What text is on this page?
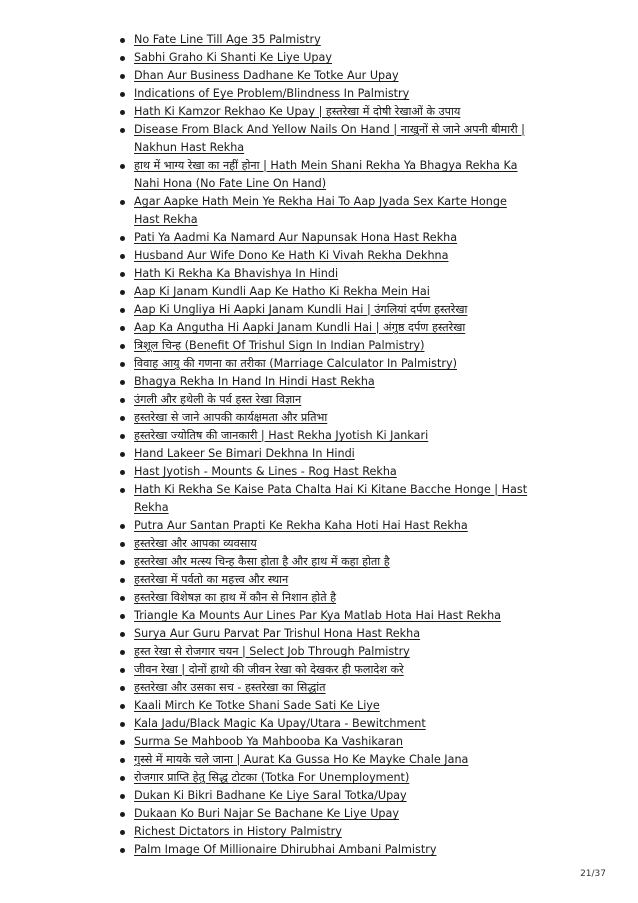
No Fate Line Till Age 35 Palmistry
Sabhi Graho Ki Shanti Ke Liye Upay
Dhan Aur Business Dadhane Ke Totke Aur Upay
Indications of Eye Problem/Blindness In Palmistry
Hath Ki Kamzor Rekhao Ke Upay | हस्तरेखा में दोषी रेखाओं के उपाय
Disease From Black And Yellow Nails On Hand | नाखुनों से जाने अपनी बीमारी | Nakhun Hast Rekha
हाथ में भाग्य रेखा का नहीं होना | Hath Mein Shani Rekha Ya Bhagya Rekha Ka Nahi Hona (No Fate Line On Hand)
Agar Aapke Hath Mein Ye Rekha Hai To Aap Jyada Sex Karte Honge Hast Rekha
Pati Ya Aadmi Ka Namard Aur Napunsak Hona Hast Rekha
Husband Aur Wife Dono Ke Hath Ki Vivah Rekha Dekhna
Hath Ki Rekha Ka Bhavishya In Hindi
Aap Ki Janam Kundli Aap Ke Hatho Ki Rekha Mein Hai
Aap Ki Ungliya Hi Aapki Janam Kundli Hai | उंगलियां दर्पण हस्तरेखा
Aap Ka Angutha Hi Aapki Janam Kundli Hai | अंगुष्ठ दर्पण हस्तरेखा
त्रिशूल चिन्ह (Benefit Of Trishul Sign In Indian Palmistry)
विवाह आयु की गणना का तरीका (Marriage Calculator In Palmistry)
Bhagya Rekha In Hand In Hindi Hast Rekha
उंगली और हथेली के पर्व हस्त रेखा विज्ञान
हस्तरेखा से जाने आपकी कार्यक्षमता और प्रतिभा
हस्तरेखा ज्योतिष की जानकारी | Hast Rekha Jyotish Ki Jankari
Hand Lakeer Se Bimari Dekhna In Hindi
Hast Jyotish - Mounts & Lines - Rog Hast Rekha
Hath Ki Rekha Se Kaise Pata Chalta Hai Ki Kitane Bacche Honge | Hast Rekha
Putra Aur Santan Prapti Ke Rekha Kaha Hoti Hai Hast Rekha
हस्तरेखा और आपका व्यवसाय
हस्तरेखा और मत्स्य चिन्ह कैसा होता है और हाथ में कहा होता है
हस्तरेखा में पर्वतो का महत्त्व और स्थान
हस्तरेखा विशेषज्ञ का हाथ में कौन से निशान होते है
Triangle Ka Mounts Aur Lines Par Kya Matlab Hota Hai Hast Rekha
Surya Aur Guru Parvat Par Trishul Hona Hast Rekha
हस्त रेखा से रोजगार चयन | Select Job Through Palmistry
जीवन रेखा | दोनों हाथो की जीवन रेखा को देखकर ही फलादेश करे
हस्तरेखा और उसका सच - हस्तरेखा का सिद्धांत
Kaali Mirch Ke Totke Shani Sade Sati Ke Liye
Kala Jadu/Black Magic Ka Upay/Utara - Bewitchment
Surma Se Mahboob Ya Mahbooba Ka Vashikaran
गुस्से में मायके चले जाना | Aurat Ka Gussa Ho Ke Mayke Chale Jana
रोजगार प्राप्ति हेतु सिद्ध टोटका (Totka For Unemployment)
Dukan Ki Bikri Badhane Ke Liye Saral Totka/Upay
Dukaan Ko Buri Najar Se Bachane Ke Liye Upay
Richest Dictators in History Palmistry
Palm Image Of Millionaire Dhirubhai Ambani Palmistry
21/37
